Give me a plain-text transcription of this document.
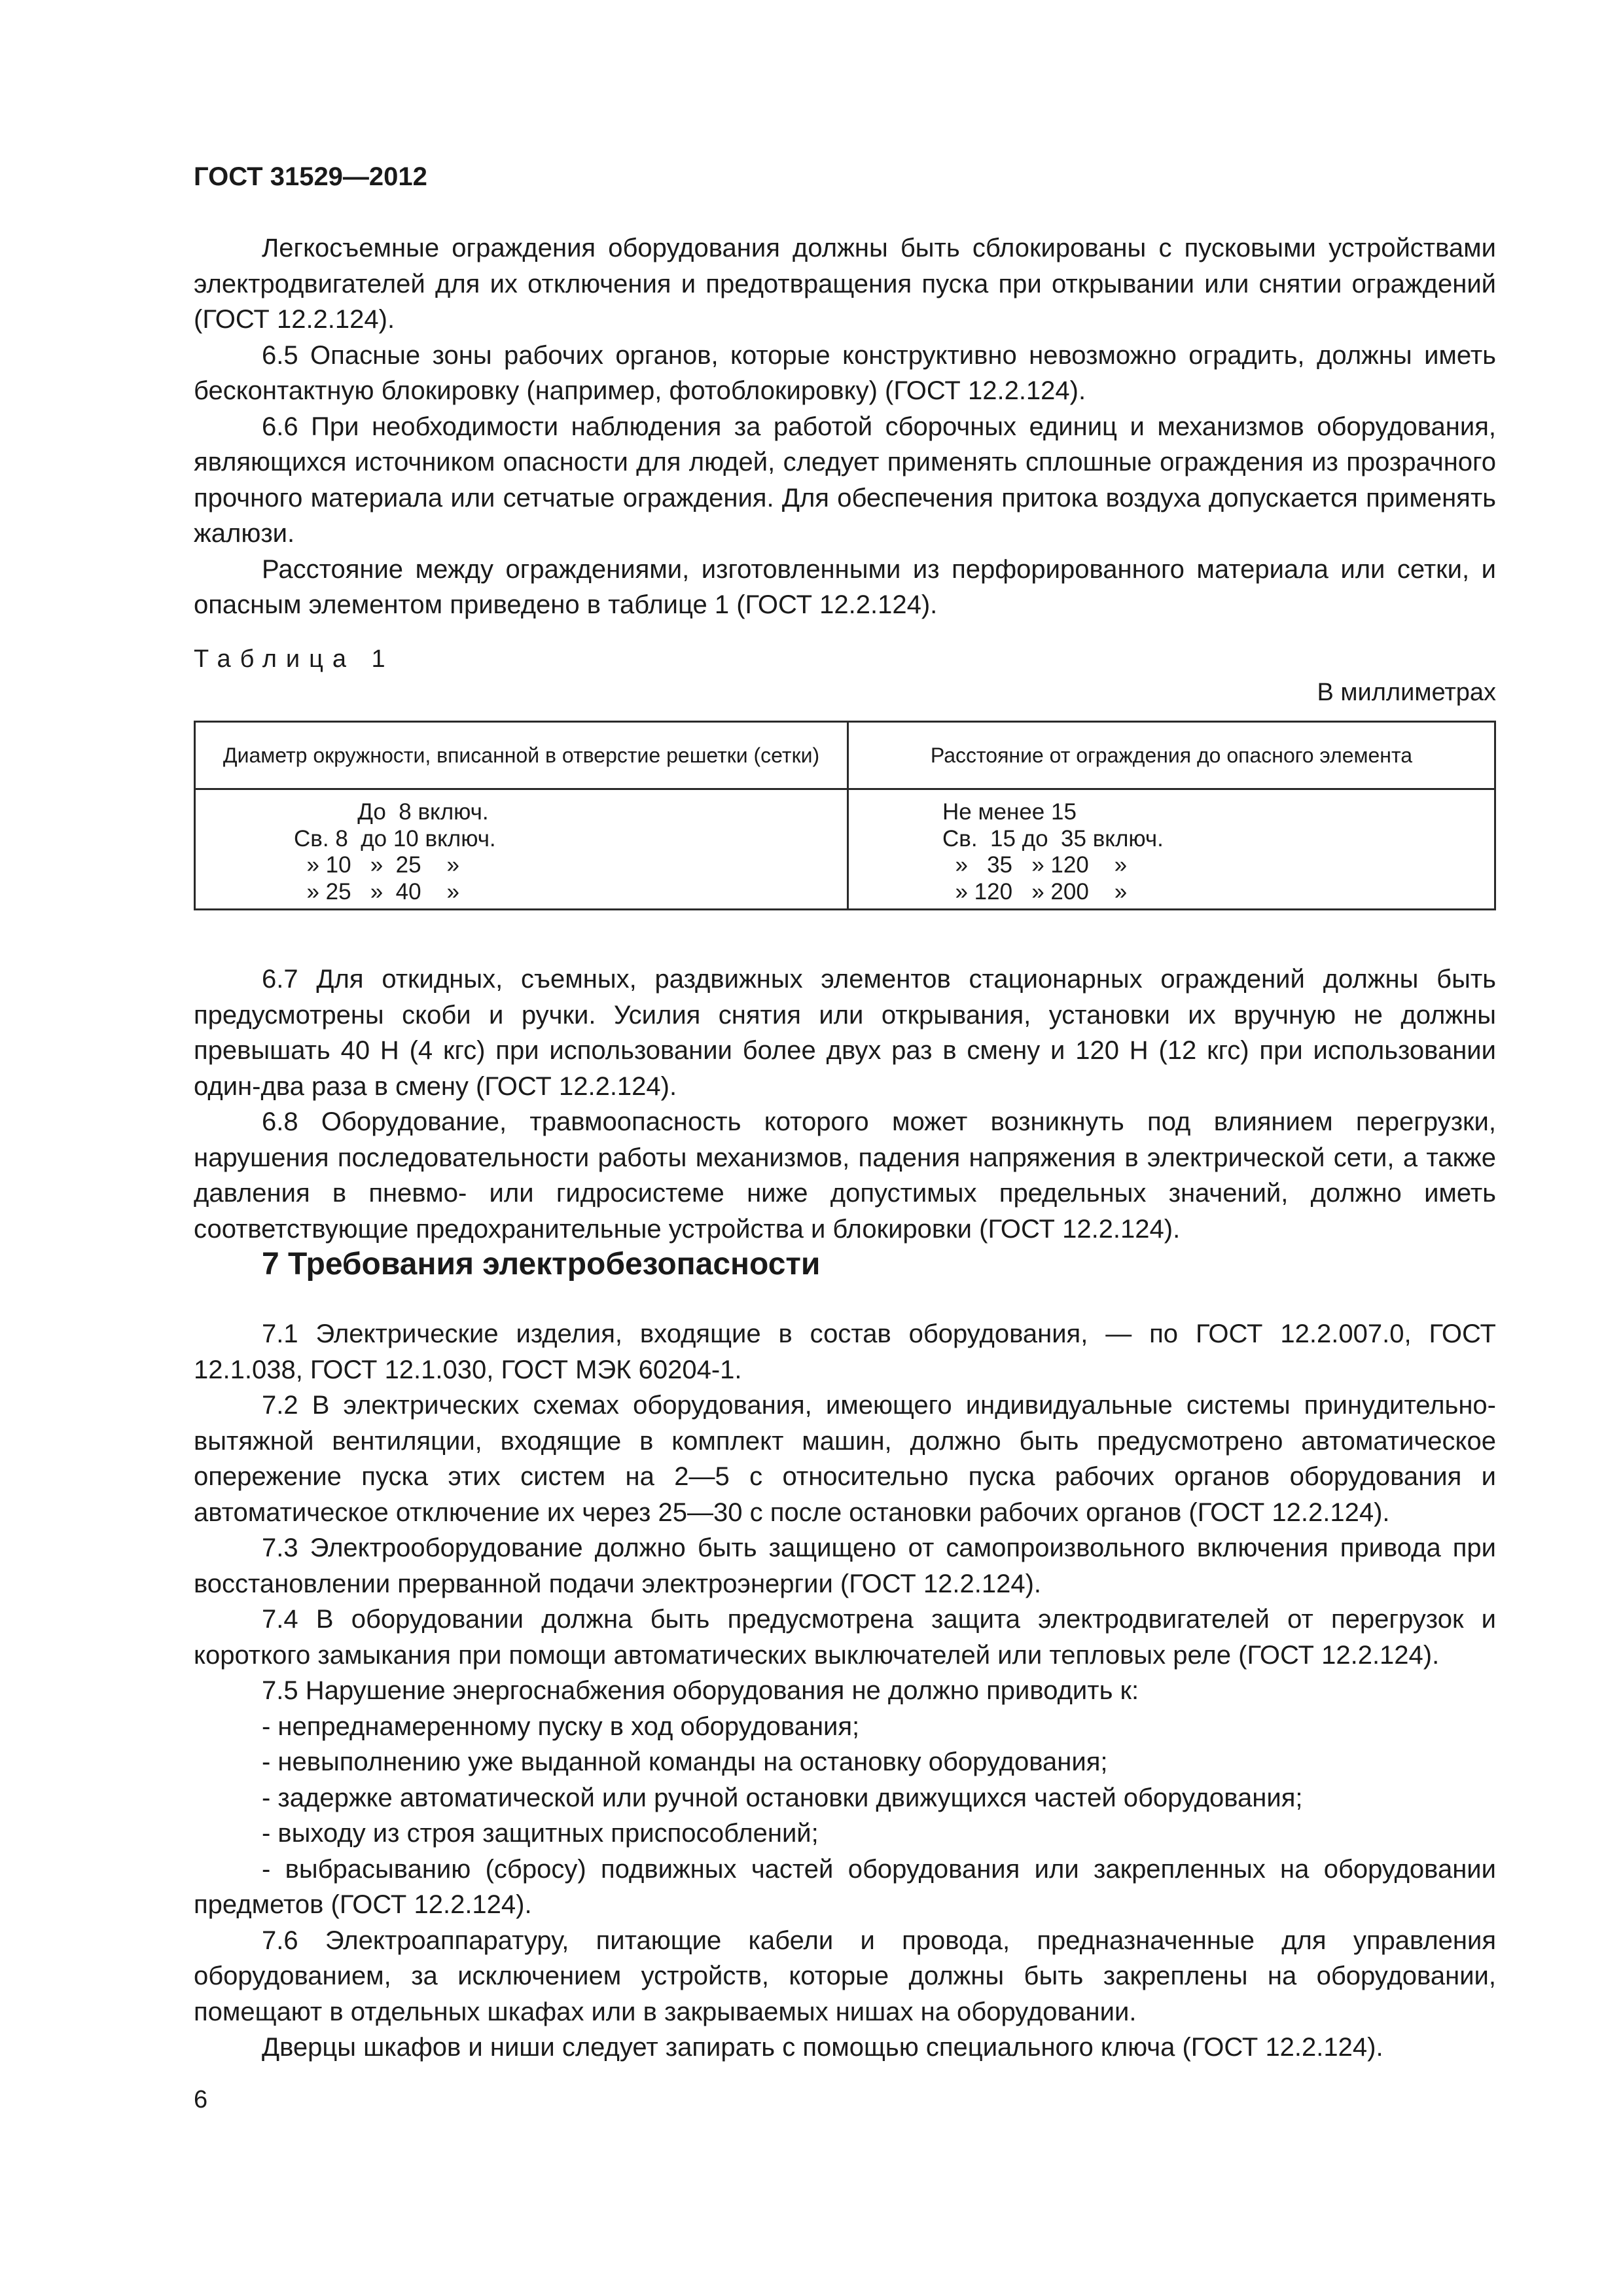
ГОСТ 31529—2012

Легкосъемные ограждения оборудования должны быть сблокированы с пусковыми устройствами электродвигателей для их отключения и предотвращения пуска при открывании или снятии ограждений (ГОСТ 12.2.124).

6.5 Опасные зоны рабочих органов, которые конструктивно невозможно оградить, должны иметь бесконтактную блокировку (например, фотоблокировку) (ГОСТ 12.2.124).

6.6 При необходимости наблюдения за работой сборочных единиц и механизмов оборудования, являющихся источником опасности для людей, следует применять сплошные ограждения из прозрачного прочного материала или сетчатые ограждения. Для обеспечения притока воздуха допускается применять жалюзи.

Расстояние между ограждениями, изготовленными из перфорированного материала или сетки, и опасным элементом приведено в таблице 1 (ГОСТ 12.2.124).

Таблица 1
В миллиметрах
Диаметр окружности, вписанной в отверстие решетки (сетки)	Расстояние от ограждения до опасного элемента
До  8 включ.
Св. 8  до 10 включ.
» 10   »  25    »
» 25   »  40    »
Не менее 15
Св.  15 до  35 включ.
»   35   » 120    »
» 120   » 200    »

6.7 Для откидных, съемных, раздвижных элементов стационарных ограждений должны быть предусмотрены скоби и ручки. Усилия снятия или открывания, установки их вручную не должны превышать 40 Н (4 кгс) при использовании более двух раз в смену и 120 Н (12 кгс) при использовании один-два раза в смену (ГОСТ 12.2.124).

6.8 Оборудование, травмоопасность которого может возникнуть под влиянием перегрузки, нарушения последовательности работы механизмов, падения напряжения в электрической сети, а также давления в пневмо- или гидросистеме ниже допустимых предельных значений, должно иметь соответствующие предохранительные устройства и блокировки (ГОСТ 12.2.124).

7 Требования электробезопасности

7.1 Электрические изделия, входящие в состав оборудования, — по ГОСТ 12.2.007.0, ГОСТ 12.1.038, ГОСТ 12.1.030, ГОСТ МЭК 60204-1.

7.2 В электрических схемах оборудования, имеющего индивидуальные системы принудительно-вытяжной вентиляции, входящие в комплект машин, должно быть предусмотрено автоматическое опережение пуска этих систем на 2—5 с относительно пуска рабочих органов оборудования и автоматическое отключение их через 25—30 с после остановки рабочих органов (ГОСТ 12.2.124).

7.3 Электрооборудование должно быть защищено от самопроизвольного включения привода при восстановлении прерванной подачи электроэнергии (ГОСТ 12.2.124).

7.4 В оборудовании должна быть предусмотрена защита электродвигателей от перегрузок и короткого замыкания при помощи автоматических выключателей или тепловых реле (ГОСТ 12.2.124).

7.5 Нарушение энергоснабжения оборудования не должно приводить к:

- непреднамеренному пуску в ход оборудования;

- невыполнению уже выданной команды на остановку оборудования;

- задержке автоматической или ручной остановки движущихся частей оборудования;

- выходу из строя защитных приспособлений;

- выбрасыванию (сбросу) подвижных частей оборудования или закрепленных на оборудовании предметов (ГОСТ 12.2.124).

7.6 Электроаппаратуру, питающие кабели и провода, предназначенные для управления оборудованием, за исключением устройств, которые должны быть закреплены на оборудовании, помещают в отдельных шкафах или в закрываемых нишах на оборудовании.

Дверцы шкафов и ниши следует запирать с помощью специального ключа (ГОСТ 12.2.124).

6
